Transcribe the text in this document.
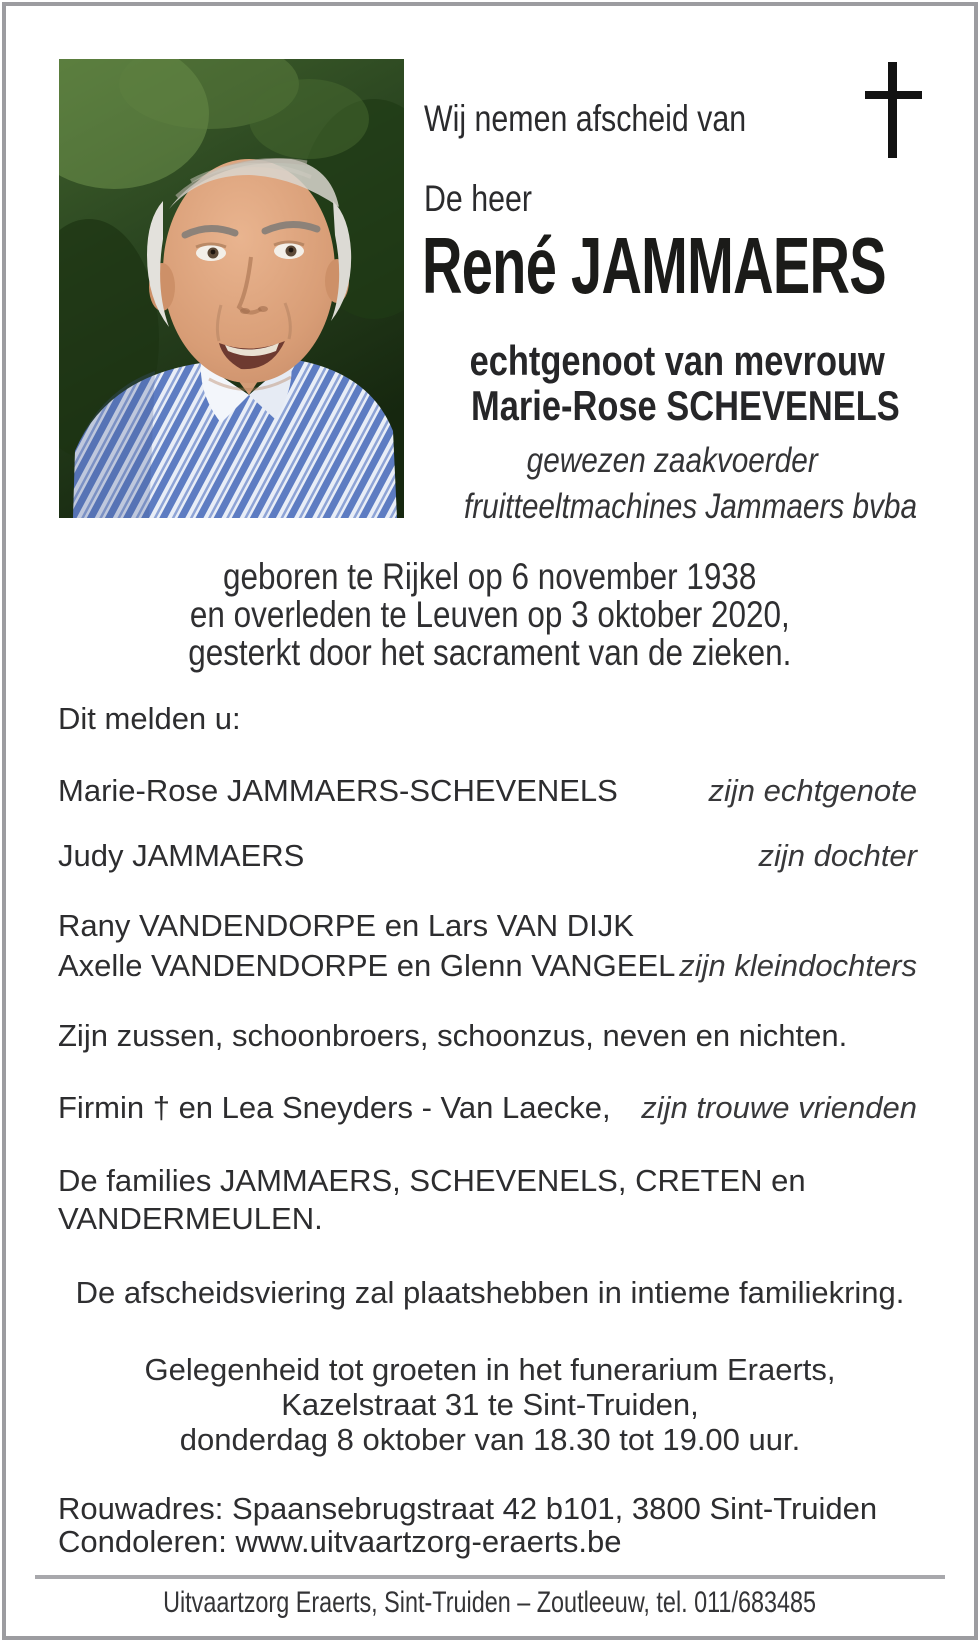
Wij nemen afscheid van
De heer
René JAMMAERS
echtgenoot van mevrouw
Marie-Rose SCHEVENELS
gewezen zaakvoerder
fruitteeltmachines Jammaers bvba
geboren te Rijkel op 6 november 1938
en overleden te Leuven op 3 oktober 2020,
gesterkt door het sacrament van de zieken.
Dit melden u:
Marie-Rose JAMMAERS-SCHEVENELS	zijn echtgenote
Judy JAMMAERS	zijn dochter
Rany VANDENDORPE en Lars VAN DIJK
Axelle VANDENDORPE en Glenn VANGEEL zijn kleindochters
Zijn zussen, schoonbroers, schoonzus, neven en nichten.
Firmin † en Lea Sneyders - Van Laecke, zijn trouwe vrienden
De families JAMMAERS, SCHEVENELS, CRETEN en
VANDERMEULEN.
De afscheidsviering zal plaatshebben in intieme familiekring.
Gelegenheid tot groeten in het funerarium Eraerts,
Kazelstraat 31 te Sint-Truiden,
donderdag 8 oktober van 18.30 tot 19.00 uur.
Rouwadres: Spaansebrugstraat 42 b101, 3800 Sint-Truiden
Condoleren: www.uitvaartzorg-eraerts.be
Uitvaartzorg Eraerts, Sint-Truiden – Zoutleeuw, tel. 011/683485
